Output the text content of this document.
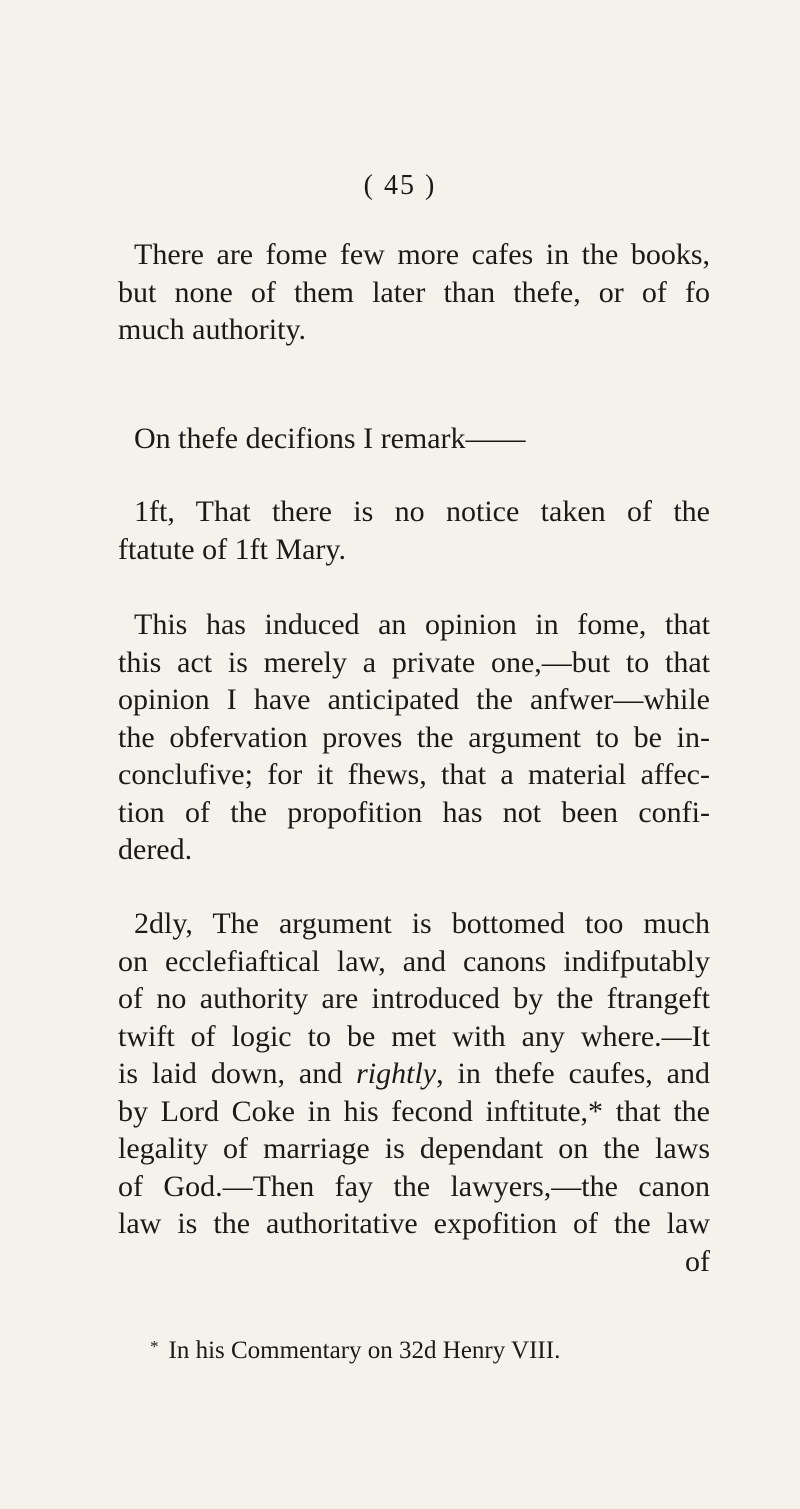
( 45 )
There are fome few more cafes in the books,
but none of them later than thefe, or of fo
much authority.
On thefe decifions I remark——
1ft, That there is no notice taken of the
ftatute of 1ft Mary.
This has induced an opinion in fome, that
this act is merely a private one,—but to that
opinion I have anticipated the anfwer—while
the obfervation proves the argument to be in-
conclufive; for it fhews, that a material affec-
tion of the propofition has not been confi-
dered.
2dly, The argument is bottomed too much
on ecclefiaftical law, and canons indifputably
of no authority are introduced by the ftrangeft
twift of logic to be met with any where.—It
is laid down, and rightly, in thefe caufes, and
by Lord Coke in his fecond inftitute,* that the
legality of marriage is dependant on the laws
of God.—Then fay the lawyers,—the canon
law is the authoritative expofition of the law
of
* In his Commentary on 32d Henry VIII.
